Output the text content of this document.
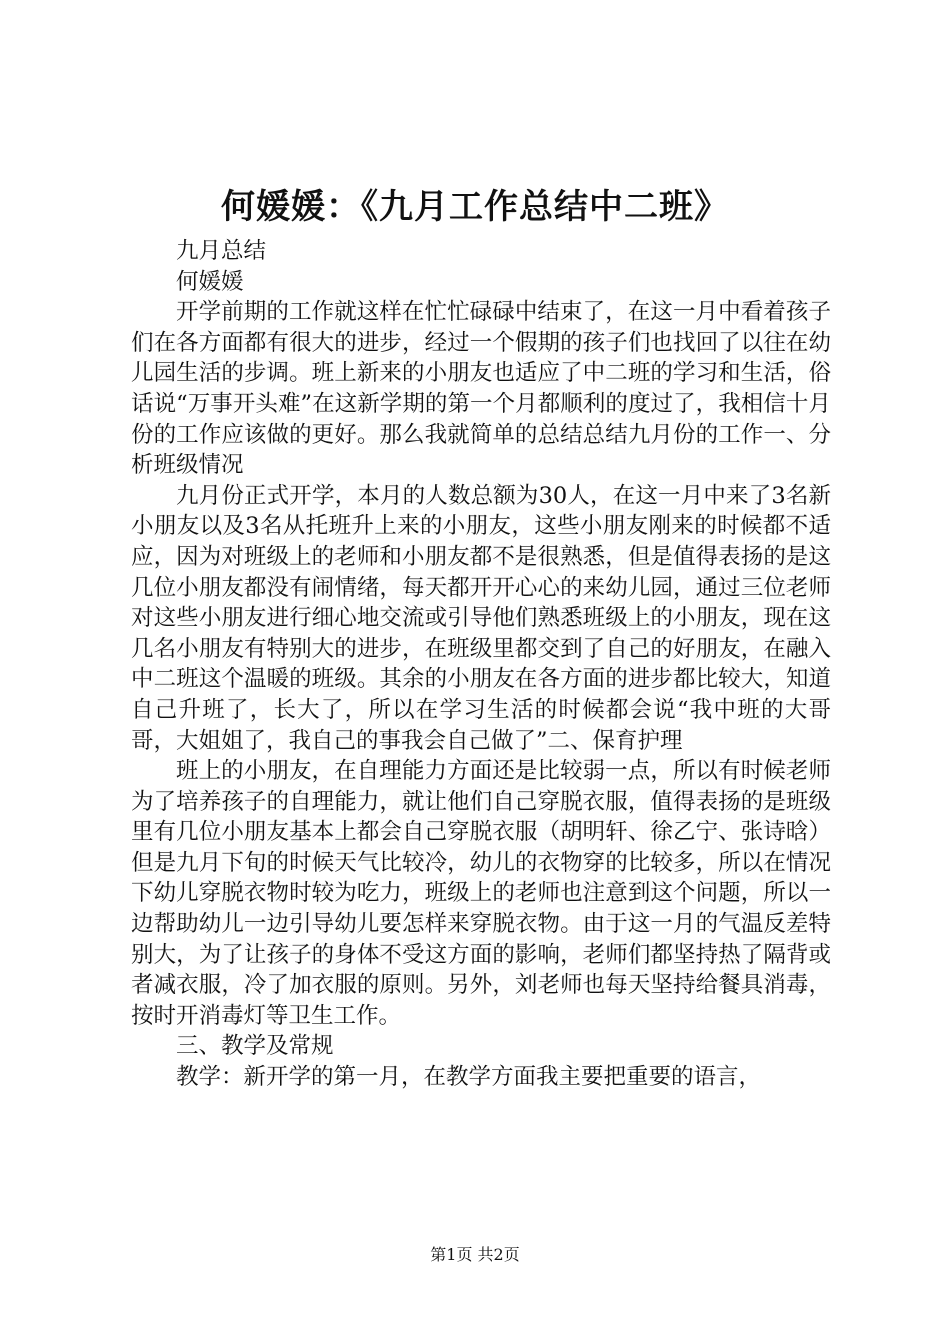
何媛媛：《九月工作总结中二班》

九月总结

何媛媛

开学前期的工作就这样在忙忙碌碌中结束了，在这一月中看着孩子们在各方面都有很大的进步，经过一个假期的孩子们也找回了以往在幼儿园生活的步调。班上新来的小朋友也适应了中二班的学习和生活，俗话说“万事开头难”在这新学期的第一个月都顺利的度过了，我相信十月份的工作应该做的更好。那么我就简单的总结总结九月份的工作一、分析班级情况

九月份正式开学，本月的人数总额为30人，在这一月中来了3名新小朋友以及3名从托班升上来的小朋友，这些小朋友刚来的时候都不适应，因为对班级上的老师和小朋友都不是很熟悉，但是值得表扬的是这几位小朋友都没有闹情绪，每天都开开心心的来幼儿园，通过三位老师对这些小朋友进行细心地交流或引导他们熟悉班级上的小朋友，现在这几名小朋友有特别大的进步，在班级里都交到了自己的好朋友，在融入中二班这个温暖的班级。其余的小朋友在各方面的进步都比较大，知道自己升班了，长大了，所以在学习生活的时候都会说“我中班的大哥哥，大姐姐了，我自己的事我会自己做了”二、保育护理

班上的小朋友，在自理能力方面还是比较弱一点，所以有时候老师为了培养孩子的自理能力，就让他们自己穿脱衣服，值得表扬的是班级里有几位小朋友基本上都会自己穿脱衣服（胡明轩、徐乙宁、张诗晗）但是九月下旬的时候天气比较冷，幼儿的衣物穿的比较多，所以在情况下幼儿穿脱衣物时较为吃力，班级上的老师也注意到这个问题，所以一边帮助幼儿一边引导幼儿要怎样来穿脱衣物。由于这一月的气温反差特别大，为了让孩子的身体不受这方面的影响，老师们都坚持热了隔背或者减衣服，冷了加衣服的原则。另外，刘老师也每天坚持给餐具消毒，按时开消毒灯等卫生工作。

三、教学及常规

教学：新开学的第一月，在教学方面我主要把重要的语言，

第1页 共2页
